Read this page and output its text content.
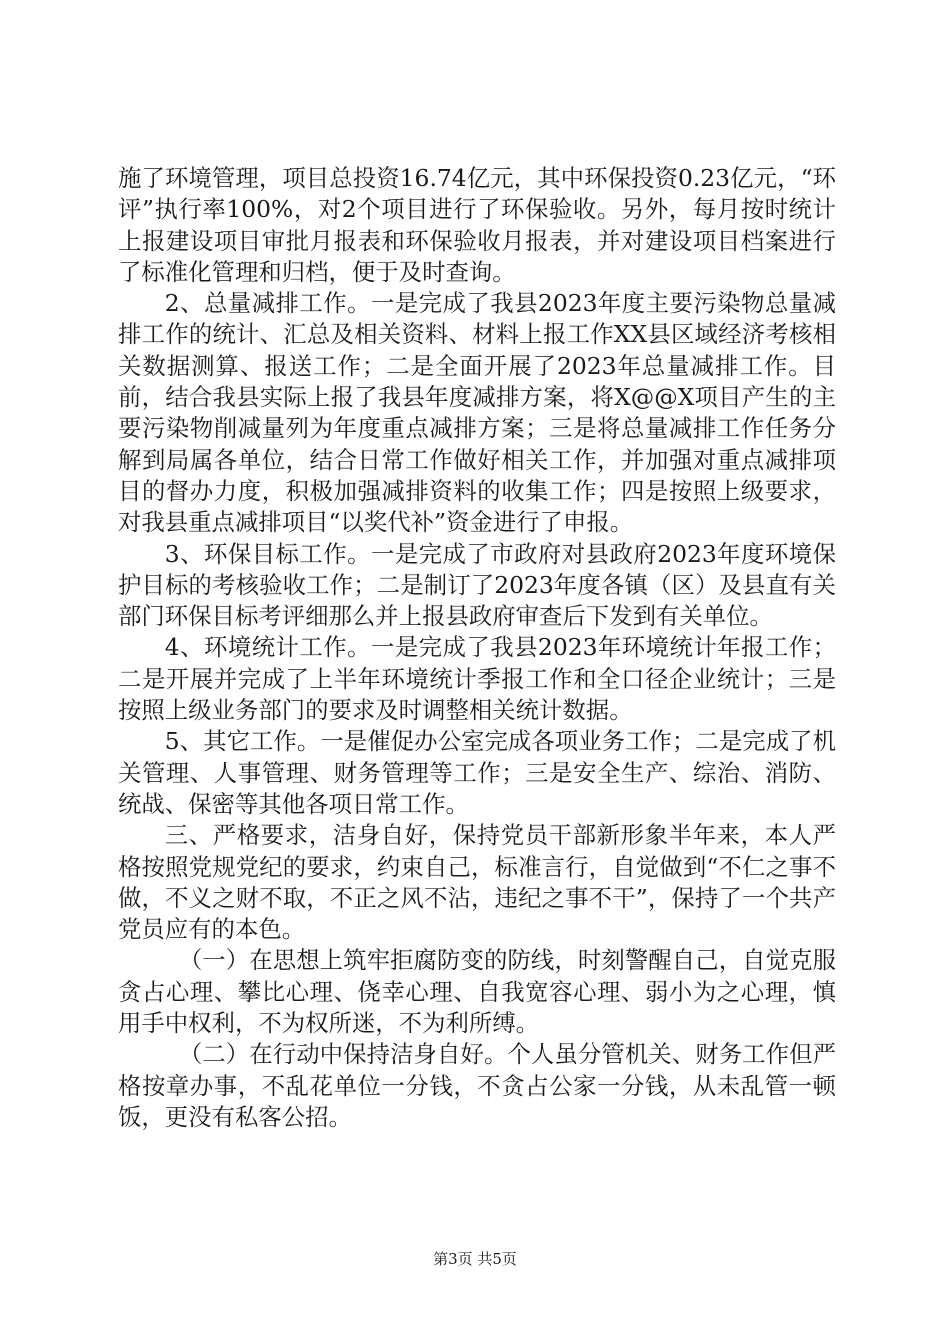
施了环境管理，项目总投资16.74亿元，其中环保投资0.23亿元，“环评”执行率100%，对2个项目进行了环保验收。另外，每月按时统计上报建设项目审批月报表和环保验收月报表，并对建设项目档案进行了标准化管理和归档，便于及时查询。

2、总量减排工作。一是完成了我县2023年度主要污染物总量减排工作的统计、汇总及相关资料、材料上报工作XX县区域经济考核相关数据测算、报送工作；二是全面开展了2023年总量减排工作。目前，结合我县实际上报了我县年度减排方案，将X@@X项目产生的主要污染物削减量列为年度重点减排方案；三是将总量减排工作任务分解到局属各单位，结合日常工作做好相关工作，并加强对重点减排项目的督办力度，积极加强减排资料的收集工作；四是按照上级要求，对我县重点减排项目“以奖代补”资金进行了申报。

3、环保目标工作。一是完成了市政府对县政府2023年度环境保护目标的考核验收工作；二是制订了2023年度各镇（区）及县直有关部门环保目标考评细那么并上报县政府审查后下发到有关单位。

4、环境统计工作。一是完成了我县2023年环境统计年报工作；二是开展并完成了上半年环境统计季报工作和全口径企业统计；三是按照上级业务部门的要求及时调整相关统计数据。

5、其它工作。一是催促办公室完成各项业务工作；二是完成了机关管理、人事管理、财务管理等工作；三是安全生产、综治、消防、统战、保密等其他各项日常工作。

三、严格要求，洁身自好，保持党员干部新形象半年来，本人严格按照党规党纪的要求，约束自己，标准言行，自觉做到“不仁之事不做，不义之财不取，不正之风不沾，违纪之事不干”，保持了一个共产党员应有的本色。

（一）在思想上筑牢拒腐防变的防线，时刻警醒自己，自觉克服贪占心理、攀比心理、侥幸心理、自我宽容心理、弱小为之心理，慎用手中权利，不为权所迷，不为利所缚。

（二）在行动中保持洁身自好。个人虽分管机关、财务工作但严格按章办事，不乱花单位一分钱，不贪占公家一分钱，从未乱管一顿饭，更没有私客公招。

第3页 共5页
